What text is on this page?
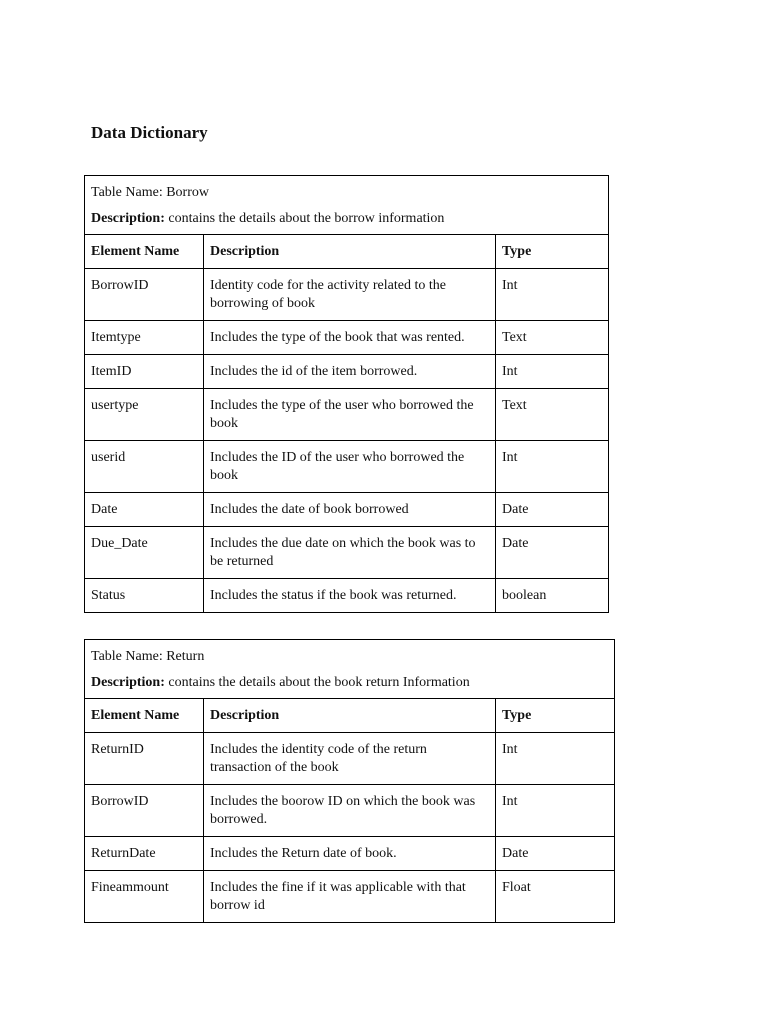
Data Dictionary
Table Name: Borrow
Description: contains the details about the borrow information		

Element Name	Description	Type
BorrowID	Identity code for the activity related to the borrowing of book	Int
Itemtype	Includes the type of the book that was rented.	Text
ItemID	Includes the id of the item borrowed.	Int
usertype	Includes the type of the user who borrowed the book	Text
userid	Includes the ID of the user who borrowed the book	Int
Date	Includes the date of book borrowed	Date
Due_Date	Includes the due date on which the book was to be returned	Date
Status	Includes the status if the book was returned.	boolean
Table Name: Return
Description: contains the details about the book return Information		

Element Name	Description	Type
ReturnID	Includes the identity code of the return transaction of the book	Int
BorrowID	Includes the boorow ID on which the book was borrowed.	Int
ReturnDate	Includes the Return date of book.	Date
Fineammount	Includes the fine if it was applicable with that borrow id	Float
